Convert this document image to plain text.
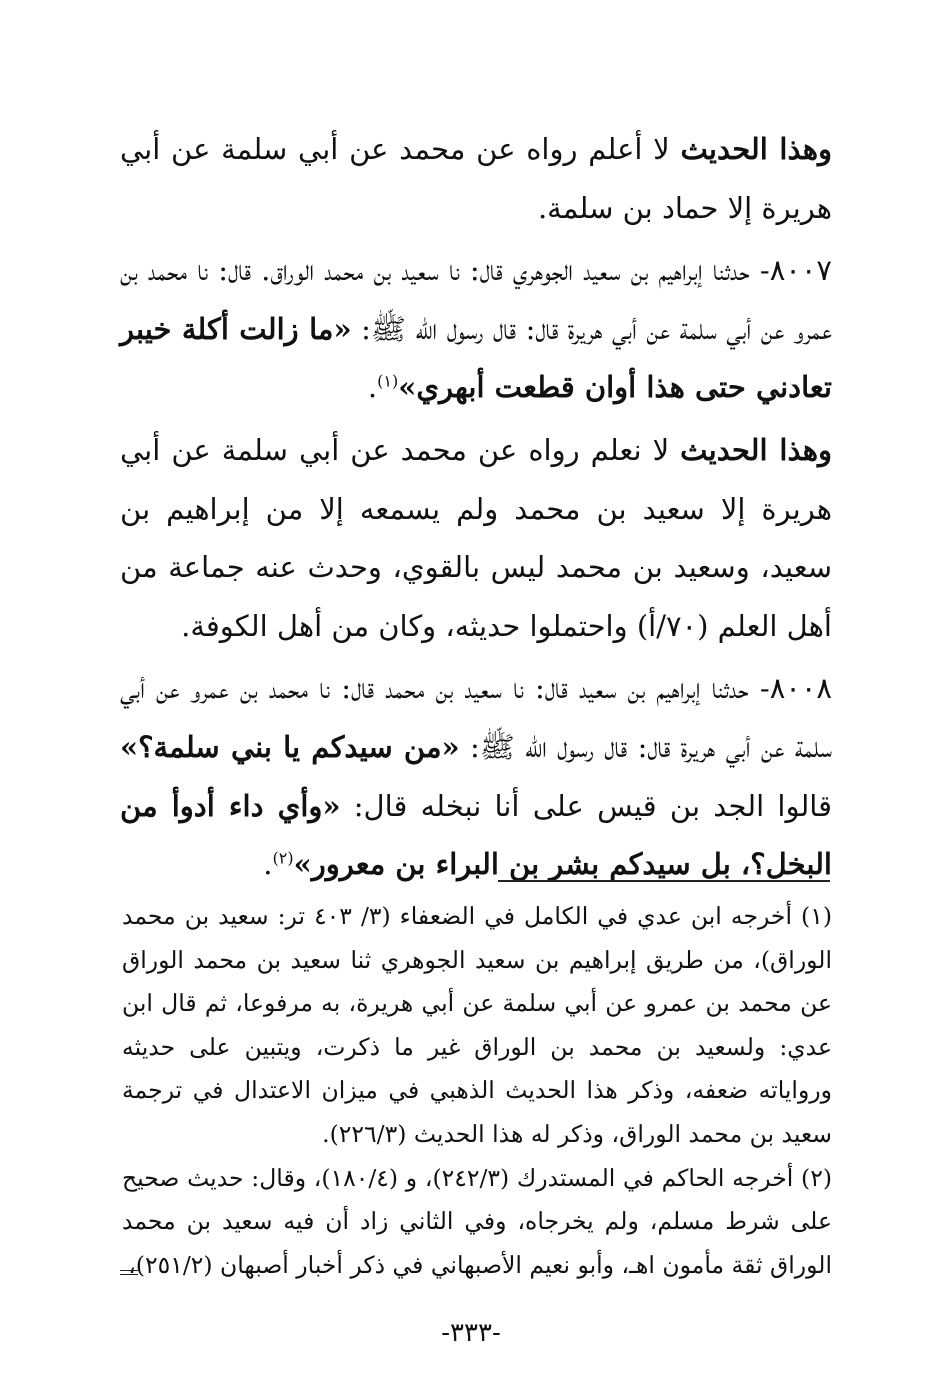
وهذا الحديث لا أعلم رواه عن محمد عن أبي سلمة عن أبي هريرة إلا حماد بن سلمة.

٨٠٠٧- حدثنا إبراهيم بن سعيد الجوهري قال: نا سعيد بن محمد الوراق. قال: نا محمد بن عمرو عن أبي سلمة عن أبي هريرة قال: قال رسول الله ﷺ: «ما زالت أكلة خيبر تعادني حتى هذا أوان قطعت أبهري»$^{(١)}$.

وهذا الحديث لا نعلم رواه عن محمد عن أبي سلمة عن أبي هريرة إلا سعيد بن محمد ولم يسمعه إلا من إبراهيم بن سعيد، وسعيد بن محمد ليس بالقوي، وحدث عنه جماعة من أهل العلم (٧٠/أ) واحتملوا حديثه، وكان من أهل الكوفة.

٨٠٠٨- حدثنا إبراهيم بن سعيد قال: نا سعيد بن محمد قال: نا محمد بن عمرو عن أبي سلمة عن أبي هريرة قال: قال رسول الله ﷺ: «من سيدكم يا بني سلمة؟» قالوا الجد بن قيس على أنا نبخله قال: «وأي داء أدوأ من البخل؟، بل سيدكم بشر بن البراء بن معرور»$^{(٢)}$.

(١) أخرجه ابن عدي في الكامل في الضعفاء (٣/ ٤٠٣ تر: سعيد بن محمد الوراق)، من طريق إبراهيم بن سعيد الجوهري ثنا سعيد بن محمد الوراق عن محمد بن عمرو عن أبي سلمة عن أبي هريرة، به مرفوعا، ثم قال ابن عدي: ولسعيد بن محمد بن الوراق غير ما ذكرت، ويتبين على حديثه ورواياته ضعفه، وذكر هذا الحديث الذهبي في ميزان الاعتدال في ترجمة سعيد بن محمد الوراق، وذكر له هذا الحديث (٢٢٦/٣).

(٢) أخرجه الحاكم في المستدرك (٢٤٢/٣)، و (١٨٠/٤)، وقال: حديث صحيح على شرط مسلم، ولم يخرجاه، وفي الثاني زاد أن فيه سعيد بن محمد الوراق ثقة مأمون اهـ، وأبو نعيم الأصبهاني في ذكر أخبار أصبهان (٢٥١/٢)،

-٣٣٣-
